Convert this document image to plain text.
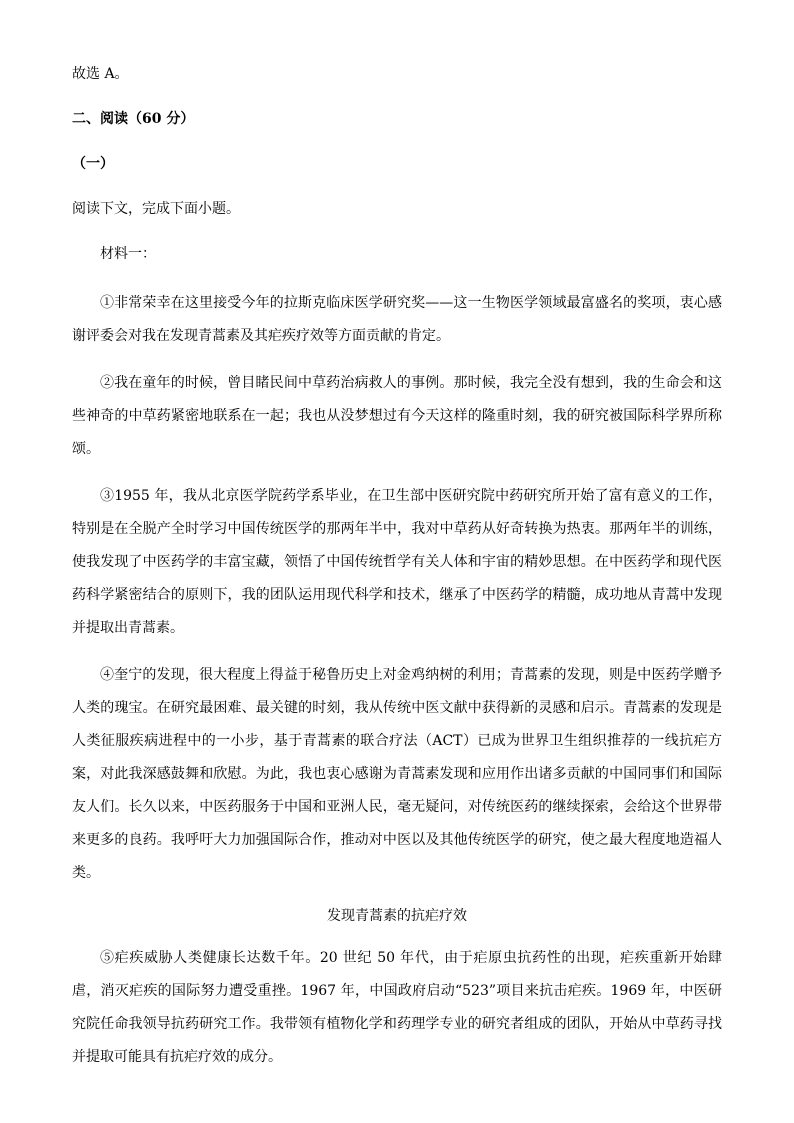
故选 A。

二、阅读（60 分）

（一）

阅读下文，完成下面小题。

材料一：

①非常荣幸在这里接受今年的拉斯克临床医学研究奖——这一生物医学领域最富盛名的奖项，衷心感谢评委会对我在发现青蒿素及其疟疾疗效等方面贡献的肯定。

②我在童年的时候，曾目睹民间中草药治病救人的事例。那时候，我完全没有想到，我的生命会和这些神奇的中草药紧密地联系在一起；我也从没梦想过有今天这样的隆重时刻，我的研究被国际科学界所称颂。

③1955 年，我从北京医学院药学系毕业，在卫生部中医研究院中药研究所开始了富有意义的工作，特别是在全脱产全时学习中国传统医学的那两年半中，我对中草药从好奇转换为热衷。那两年半的训练，使我发现了中医药学的丰富宝藏，领悟了中国传统哲学有关人体和宇宙的精妙思想。在中医药学和现代医药科学紧密结合的原则下，我的团队运用现代科学和技术，继承了中医药学的精髓，成功地从青蒿中发现并提取出青蒿素。

④奎宁的发现，很大程度上得益于秘鲁历史上对金鸡纳树的利用；青蒿素的发现，则是中医药学赠予人类的瑰宝。在研究最困难、最关键的时刻，我从传统中医文献中获得新的灵感和启示。青蒿素的发现是人类征服疾病进程中的一小步，基于青蒿素的联合疗法（ACT）已成为世界卫生组织推荐的一线抗疟方案，对此我深感鼓舞和欣慰。为此，我也衷心感谢为青蒿素发现和应用作出诸多贡献的中国同事们和国际友人们。长久以来，中医药服务于中国和亚洲人民，毫无疑问，对传统医药的继续探索，会给这个世界带来更多的良药。我呼吁大力加强国际合作，推动对中医以及其他传统医学的研究，使之最大程度地造福人类。

发现青蒿素的抗疟疗效

⑤疟疾威胁人类健康长达数千年。20 世纪 50 年代，由于疟原虫抗药性的出现，疟疾重新开始肆虐，消灭疟疾的国际努力遭受重挫。1967 年，中国政府启动“523”项目来抗击疟疾。1969 年，中医研究院任命我领导抗药研究工作。我带领有植物化学和药理学专业的研究者组成的团队，开始从中草药寻找并提取可能具有抗疟疗效的成分。
